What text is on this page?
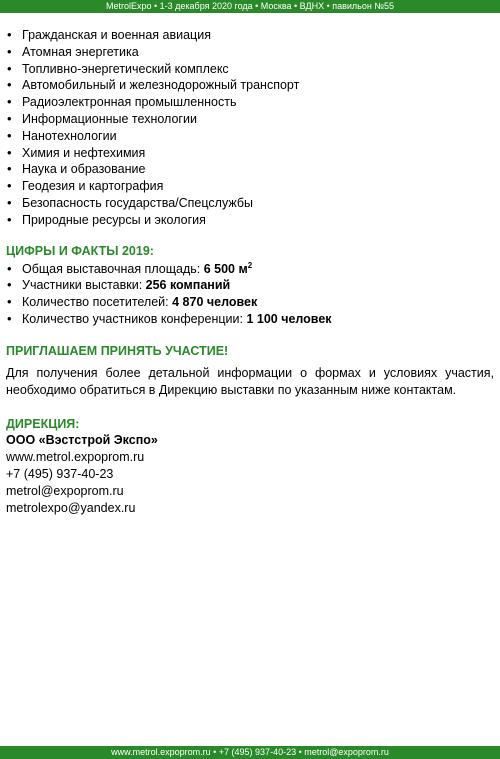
MetrolExpo • 1-3 декабря 2020 года • Москва • ВДНХ • павильон №55
• Гражданская и военная авиация
• Атомная энергетика
• Топливно-энергетический комплекс
• Автомобильный и железнодорожный транспорт
• Радиоэлектронная промышленность
• Информационные технологии
• Нанотехнологии
• Химия и нефтехимия
• Наука и образование
• Геодезия и картография
• Безопасность государства/Спецслужбы
• Природные ресурсы и экология
ЦИФРЫ И ФАКТЫ 2019:
• Общая выставочная площадь: 6 500 $м^2$
• Участники выставки: 256 компаний
• Количество посетителей: 4 870 человек
• Количество участников конференции: 1 100 человек
ПРИГЛАШАЕМ ПРИНЯТЬ УЧАСТИЕ!
Для получения более детальной информации о формах и условиях участия, необходимо обратиться в Дирекцию выставки по указанным ниже контактам.
ДИРЕКЦИЯ:
ООО «Вэстстрой Экспо»
www.metrol.expoprom.ru
+7 (495) 937-40-23
metrol@expoprom.ru
metrolexpo@yandex.ru
www.metrol.expoprom.ru • +7 (495) 937-40-23 • metrol@expoprom.ru
